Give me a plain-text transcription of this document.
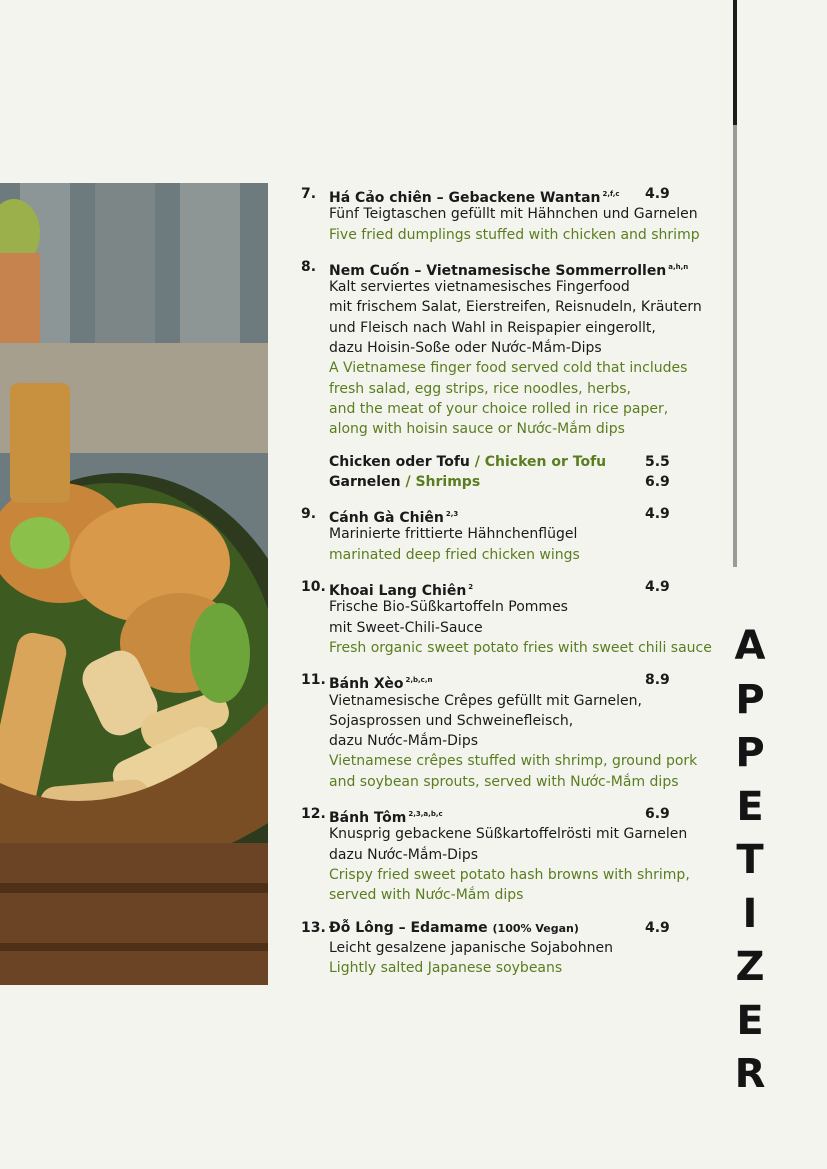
A
P
P
E
T
I
Z
E
R
7. Há Cảo chiên – Gebackene Wantan $^{2,f,c}$ 4.9
Fünf Teigtaschen gefüllt mit Hähnchen und Garnelen
Five fried dumplings stuffed with chicken and shrimp
8. Nem Cuốn – Vietnamesische Sommerrollen $^{a,h,n}$
Kalt serviertes vietnamesisches Fingerfood
mit frischem Salat, Eierstreifen, Reisnudeln, Kräutern
und Fleisch nach Wahl in Reispapier eingerollt,
dazu Hoisin-Soße oder Nước-Mắm-Dips
A Vietnamese finger food served cold that includes
fresh salad, egg strips, rice noodles, herbs,
and the meat of your choice rolled in rice paper,
along with hoisin sauce or Nước-Mắm dips
Chicken oder Tofu / Chicken or Tofu	5.5
Garnelen / Shrimps	6.9
9. Cánh Gà Chiên $^{2,3}$	4.9
Marinierte frittierte Hähnchenflügel
marinated deep fried chicken wings
10. Khoai Lang Chiên $^2$	4.9
Frische Bio-Süßkartoffeln Pommes
mit Sweet-Chili-Sauce
Fresh organic sweet potato fries with sweet chili sauce
11. Bánh Xèo $^{2,b,c,n}$	8.9
Vietnamesische Crêpes gefüllt mit Garnelen,
Sojasprossen und Schweinefleisch,
dazu Nước-Mắm-Dips
Vietnamese crêpes stuffed with shrimp, ground pork
and soybean sprouts, served with Nước-Mắm dips
12. Bánh Tôm $^{2,3,a,b,c}$	6.9
Knusprig gebackene Süßkartoffelrösti mit Garnelen
dazu Nước-Mắm-Dips
Crispy fried sweet potato hash browns with shrimp,
served with Nước-Mắm dips
13. Đỗ Lông – Edamame (100% Vegan)	4.9
Leicht gesalzene japanische Sojabohnen
Lightly salted Japanese soybeans
